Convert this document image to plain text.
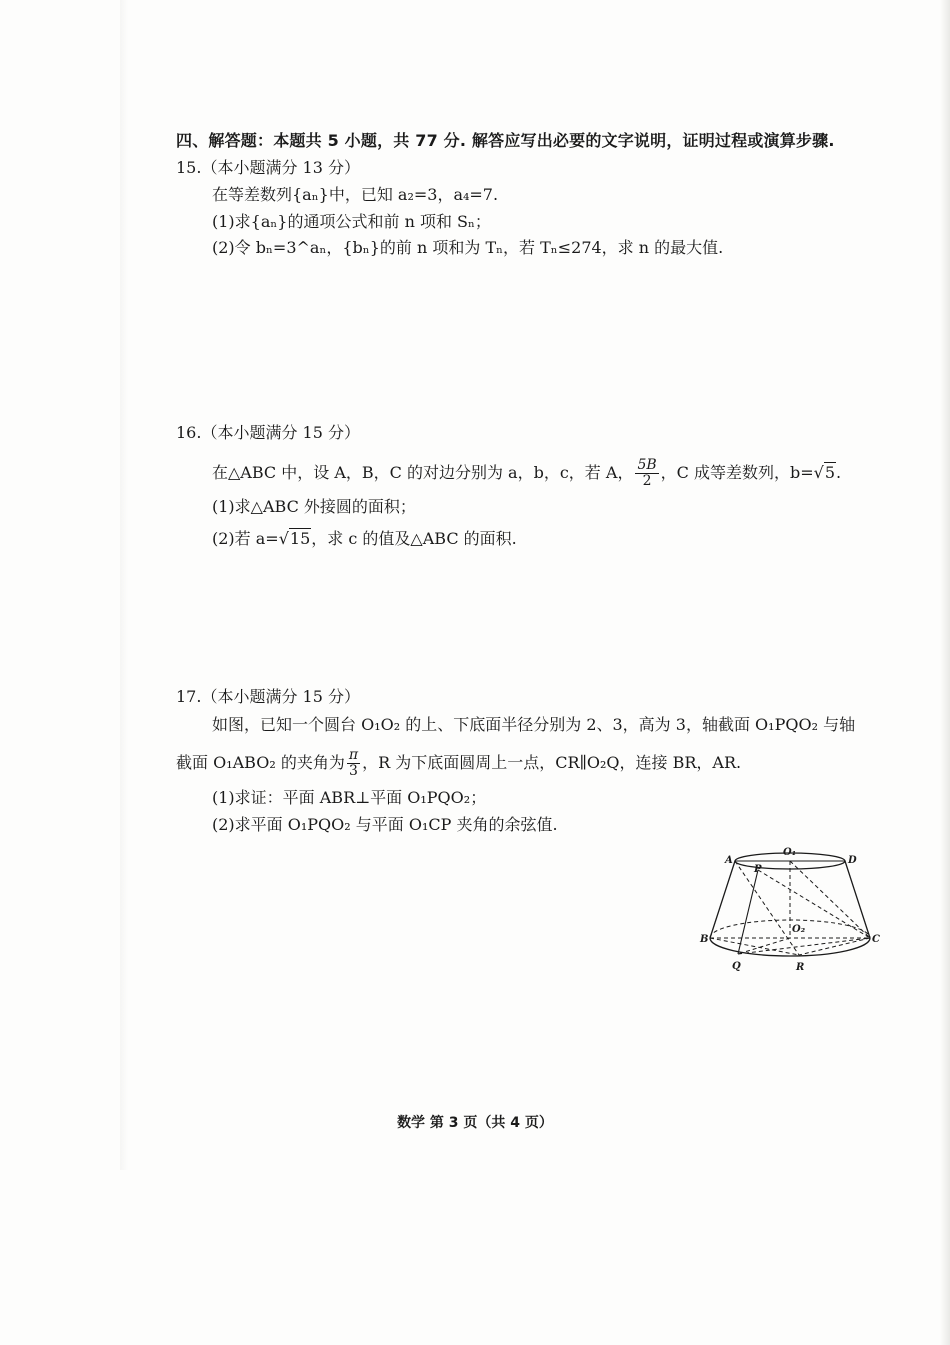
四、解答题：本题共 5 小题，共 77 分. 解答应写出必要的文字说明，证明过程或演算步骤.
15.（本小题满分 13 分）
在等差数列{aₙ}中，已知 a₂=3，a₄=7.
(1)求{aₙ}的通项公式和前 n 项和 Sₙ；
(2)令 bₙ=3^aₙ，{bₙ}的前 n 项和为 Tₙ，若 Tₙ≤274，求 n 的最大值.
16.（本小题满分 15 分）
在△ABC 中，设 A，B，C 的对边分别为 a，b，c，若 A， $\frac{5B}{2}$ ，C 成等差数列，b=√5.
(1)求△ABC 外接圆的面积；
(2)若 a=√15，求 c 的值及△ABC 的面积.
17.（本小题满分 15 分）
如图，已知一个圆台 O₁O₂ 的上、下底面半径分别为 2、3，高为 3，轴截面 O₁PQO₂ 与轴
截面 O₁ABO₂ 的夹角为 $\frac{\pi}{3}$ ，R 为下底面圆周上一点，CR∥O₂Q，连接 BR，AR.
(1)求证：平面 ABR⊥平面 O₁PQO₂；
(2)求平面 O₁PQO₂ 与平面 O₁CP 夹角的余弦值.
A
P
O₁
D
B
O₂
C
Q	R
数学 第 3 页（共 4 页）
